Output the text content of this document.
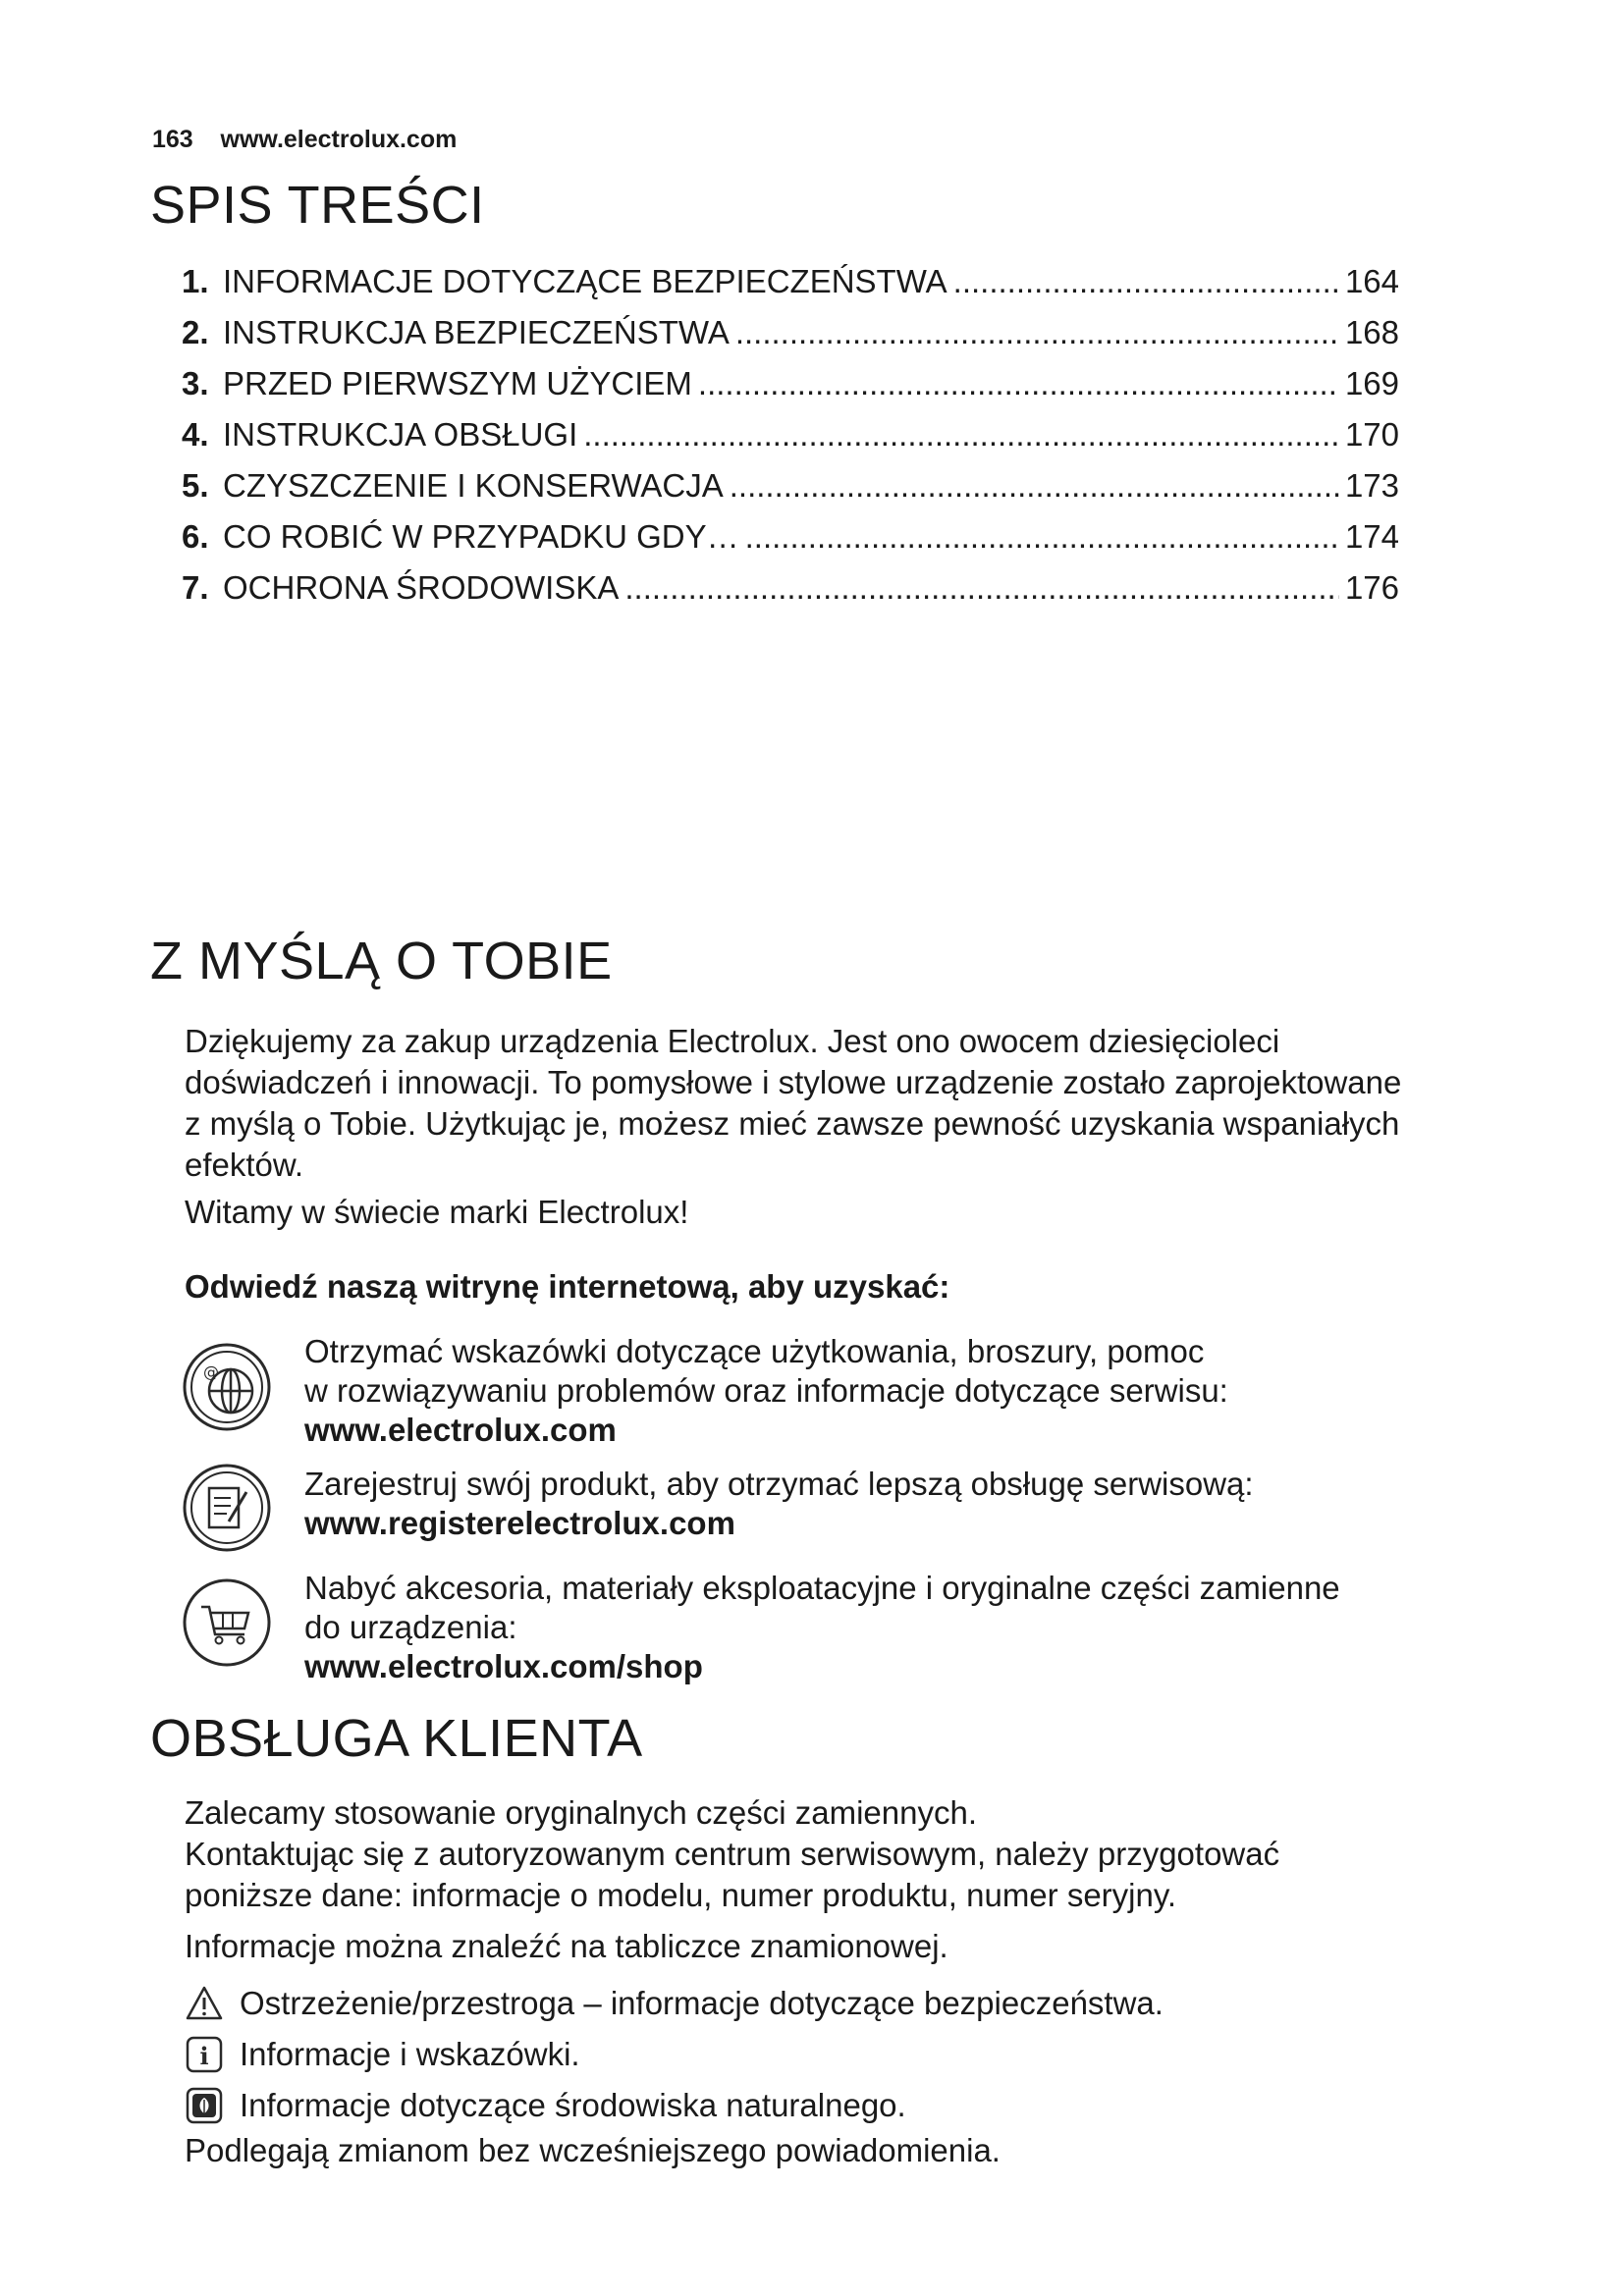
163 www.electrolux.com
SPIS TREŚCI
1. INFORMACJE DOTYCZĄCE BEZPIECZEŃSTWA .....	164
2. INSTRUKCJA BEZPIECZEŃSTWA .....	168
3. PRZED PIERWSZYM UŻYCIEM .....	169
4. INSTRUKCJA OBSŁUGI .....	170
5. CZYSZCZENIE I KONSERWACJA .....	173
6. CO ROBIĆ W PRZYPADKU GDY… .....	174
7. OCHRONA ŚRODOWISKA .....	176
Z MYŚLĄ O TOBIE
Dziękujemy za zakup urządzenia Electrolux. Jest ono owocem dziesięcioleci
doświadczeń i innowacji. To pomysłowe i stylowe urządzenie zostało zaprojektowane
z myślą o Tobie. Użytkując je, możesz mieć zawsze pewność uzyskania wspaniałych
efektów.
Witamy w świecie marki Electrolux!
Odwiedź naszą witrynę internetową, aby uzyskać:
@
Otrzymać wskazówki dotyczące użytkowania, broszury, pomoc
w rozwiązywaniu problemów oraz informacje dotyczące serwisu:
www.electrolux.com
Zarejestruj swój produkt, aby otrzymać lepszą obsługę serwisową:
www.registerelectrolux.com
Nabyć akcesoria, materiały eksploatacyjne i oryginalne części zamienne
do urządzenia:
www.electrolux.com/shop
OBSŁUGA KLIENTA
Zalecamy stosowanie oryginalnych części zamiennych.
Kontaktując się z autoryzowanym centrum serwisowym, należy przygotować
poniższe dane: informacje o modelu, numer produktu, numer seryjny.
Informacje można znaleźć na tabliczce znamionowej.
Ostrzeżenie/przestroga – informacje dotyczące bezpieczeństwa.
i Informacje i wskazówki.
Informacje dotyczące środowiska naturalnego.
Podlegają zmianom bez wcześniejszego powiadomienia.
